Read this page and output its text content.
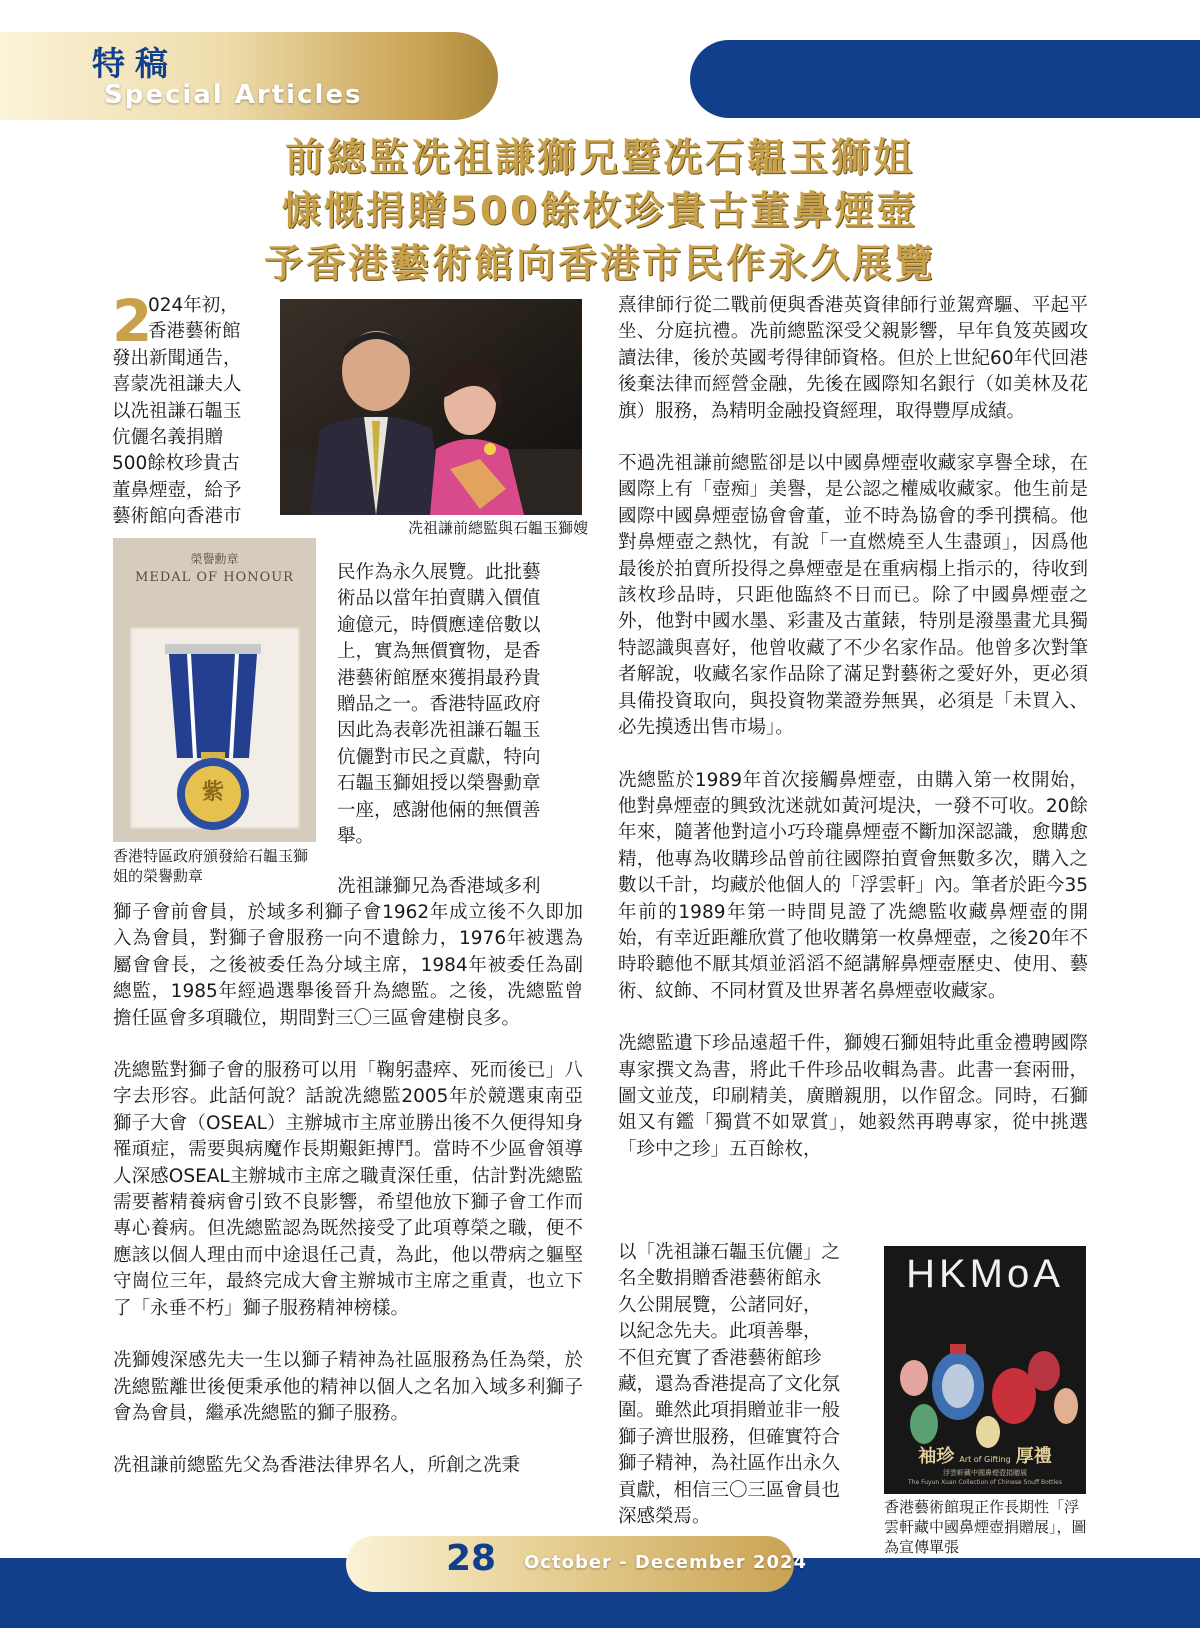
特稿
Special Articles
前總監冼祖謙獅兄暨冼石韞玉獅姐
慷慨捐贈500餘枚珍貴古董鼻煙壺
予香港藝術館向香港市民作永久展覽
2
024年初，
香港藝術館
發出新聞通告，
喜蒙冼祖謙夫人
以冼祖謙石韞玉
伉儷名義捐贈
500餘枚珍貴古
董鼻煙壺，給予
藝術館向香港市
冼祖謙前總監與石韞玉獅嫂
榮譽勳章
MEDAL OF HONOUR
紫
香港特區政府頒發給石韞玉獅姐的榮譽勳章
民作為永久展覽。此批藝
術品以當年拍賣購入價值
逾億元，時價應達倍數以
上，實為無價寶物，是香
港藝術館歷來獲捐最矜貴
贈品之一。香港特區政府
因此為表彰冼祖謙石韞玉
伉儷對市民之貢獻，特向
石韞玉獅姐授以榮譽勳章
一座，感謝他倆的無價善
舉。
冼祖謙獅兄為香港域多利

獅子會前會員，於域多利獅子會1962年成立後不久即加入為會員，對獅子會服務一向不遺餘力，1976年被選為屬會會長，之後被委任為分域主席，1984年被委任為副總監，1985年經過選舉後晉升為總監。之後，冼總監曾擔任區會多項職位，期間對三〇三區會建樹良多。

冼總監對獅子會的服務可以用「鞠躬盡瘁、死而後已」八字去形容。此話何說？話說冼總監2005年於競選東南亞獅子大會（OSEAL）主辦城市主席並勝出後不久便得知身罹頑症，需要與病魔作長期艱鉅搏鬥。當時不少區會領導人深感OSEAL主辦城市主席之職責深任重，估計對冼總監需要蓄精養病會引致不良影響，希望他放下獅子會工作而專心養病。但冼總監認為既然接受了此項尊榮之職，便不應該以個人理由而中途退任己責，為此，他以帶病之軀堅守崗位三年，最終完成大會主辦城市主席之重責，也立下了「永垂不朽」獅子服務精神榜樣。

冼獅嫂深感先夫一生以獅子精神為社區服務為任為榮，於冼總監離世後便秉承他的精神以個人之名加入域多利獅子會為會員，繼承冼總監的獅子服務。

冼祖謙前總監先父為香港法律界名人，所創之冼秉

熹律師行從二戰前便與香港英資律師行並駕齊驅、平起平坐、分庭抗禮。冼前總監深受父親影響，早年負笈英國攻讀法律，後於英國考得律師資格。但於上世紀60年代回港後棄法律而經營金融，先後在國際知名銀行（如美林及花旗）服務，為精明金融投資經理，取得豐厚成績。

不過冼祖謙前總監卻是以中國鼻煙壺收藏家享譽全球，在國際上有「壺痴」美譽，是公認之權威收藏家。他生前是國際中國鼻煙壺協會會董，並不時為協會的季刊撰稿。他對鼻煙壺之熱忱，有說「一直燃燒至人生盡頭」，因爲他最後於拍賣所投得之鼻煙壺是在重病榻上指示的，待收到該枚珍品時，只距他臨終不日而已。除了中國鼻煙壺之外，他對中國水墨、彩畫及古董錶，特別是潑墨畫尤具獨特認識與喜好，他曾收藏了不少名家作品。他曾多次對筆者解說，收藏名家作品除了滿足對藝術之愛好外，更必須具備投資取向，與投資物業證券無異，必須是「未買入、必先摸透出售市場」。

冼總監於1989年首次接觸鼻煙壺，由購入第一枚開始，他對鼻煙壺的興致沈迷就如黃河堤決，一發不可收。20餘年來，隨著他對這小巧玲瓏鼻煙壺不斷加深認識，愈購愈精，他專為收購珍品曾前往國際拍賣會無數多次，購入之數以千計，均藏於他個人的「浮雲軒」內。筆者於距今35年前的1989年第一時間見證了冼總監收藏鼻煙壺的開始，有幸近距離欣賞了他收購第一枚鼻煙壺，之後20年不時聆聽他不厭其煩並滔滔不絕講解鼻煙壺歷史、使用、藝術、紋飾、不同材質及世界著名鼻煙壺收藏家。

冼總監遺下珍品遠超千件，獅嫂石獅姐特此重金禮聘國際專家撰文為書，將此千件珍品收輯為書。此書一套兩冊，圖文並茂，印刷精美，廣贈親朋，以作留念。同時，石獅姐又有鑑「獨賞不如眾賞」，她毅然再聘專家，從中挑選「珍中之珍」五百餘枚，

以「冼祖謙石韞玉伉儷」之
名全數捐贈香港藝術館永
久公開展覽，公諸同好，
以紀念先夫。此項善舉，
不但充實了香港藝術館珍
藏，還為香港提高了文化氛
圍。雖然此項捐贈並非一般
獅子濟世服務，但確實符合
獅子精神，為社區作出永久
貢獻，相信三〇三區會員也
深感榮焉。
HKMoA
袖珍 Art of Gifting 厚禮
浮雲軒藏中國鼻煙壺捐贈展
The Fuyun Xuan Collection of Chinese Snuff Bottles
香港藝術館現正作長期性「浮雲軒藏中國鼻煙壺捐贈展」，圖為宣傳單張
28 October - December 2024
